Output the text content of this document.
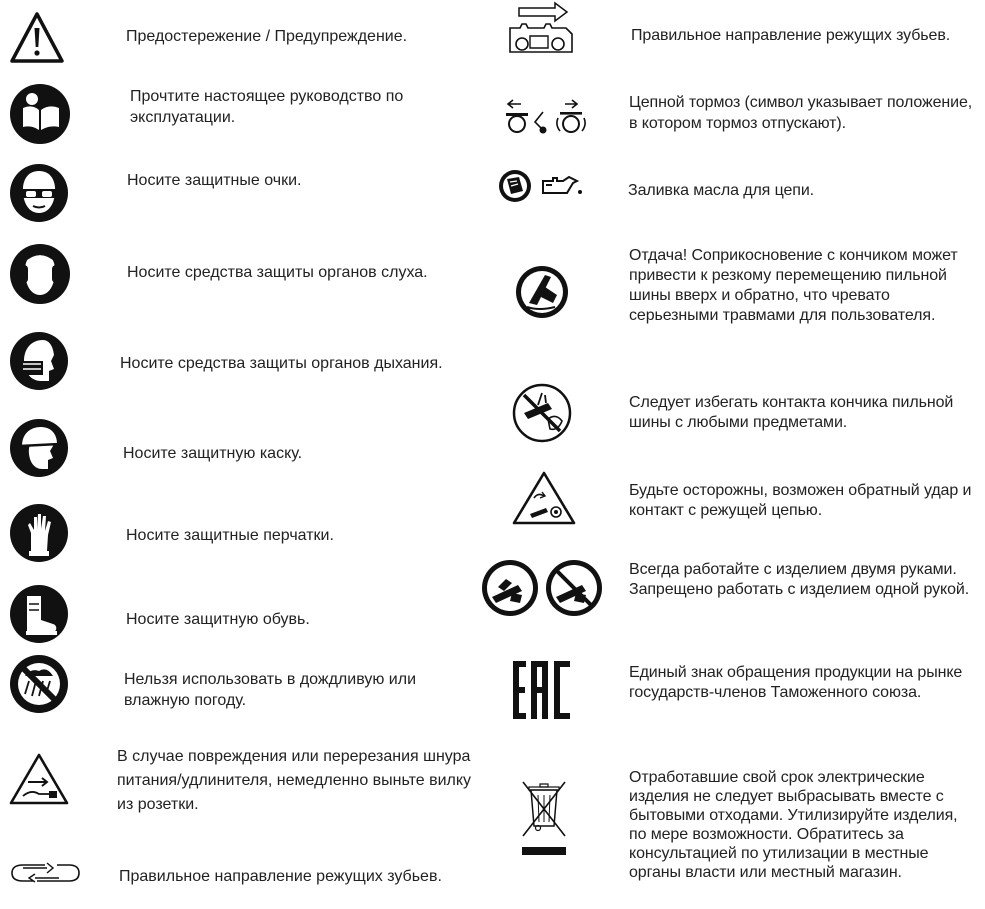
Предостережение / Предупреждение.
Прочтите настоящее руководство по эксплуатации.
Носите защитные очки.
Носите средства защиты органов слуха.
Носите средства защиты органов дыхания.
Носите защитную каску.
Носите защитные перчатки.
Носите защитную обувь.
Нельзя использовать в дождливую или влажную погоду.
В случае повреждения или перерезания шнура питания/удлинителя, немедленно выньте вилку из розетки.
Правильное направление режущих зубьев.
Правильное направление режущих зубьев.
Цепной тормоз (символ указывает положение, в котором тормоз отпускают).
Заливка масла для цепи.
Отдача! Соприкосновение с кончиком может привести к резкому перемещению пильной шины вверх и обратно, что чревато серьезными травмами для пользователя.
Следует избегать контакта кончика пильной шины с любыми предметами.
Будьте осторожны, возможен обратный удар и контакт с режущей цепью.
Всегда работайте с изделием двумя руками. Запрещено работать с изделием одной рукой.
Единый знак обращения продукции на рынке государств-членов Таможенного союза.
Отработавшие свой срок электрические изделия не следует выбрасывать вместе с бытовыми отходами. Утилизируйте изделия, по мере возможности. Обратитесь за консультацией по утилизации в местные органы власти или местный магазин.
